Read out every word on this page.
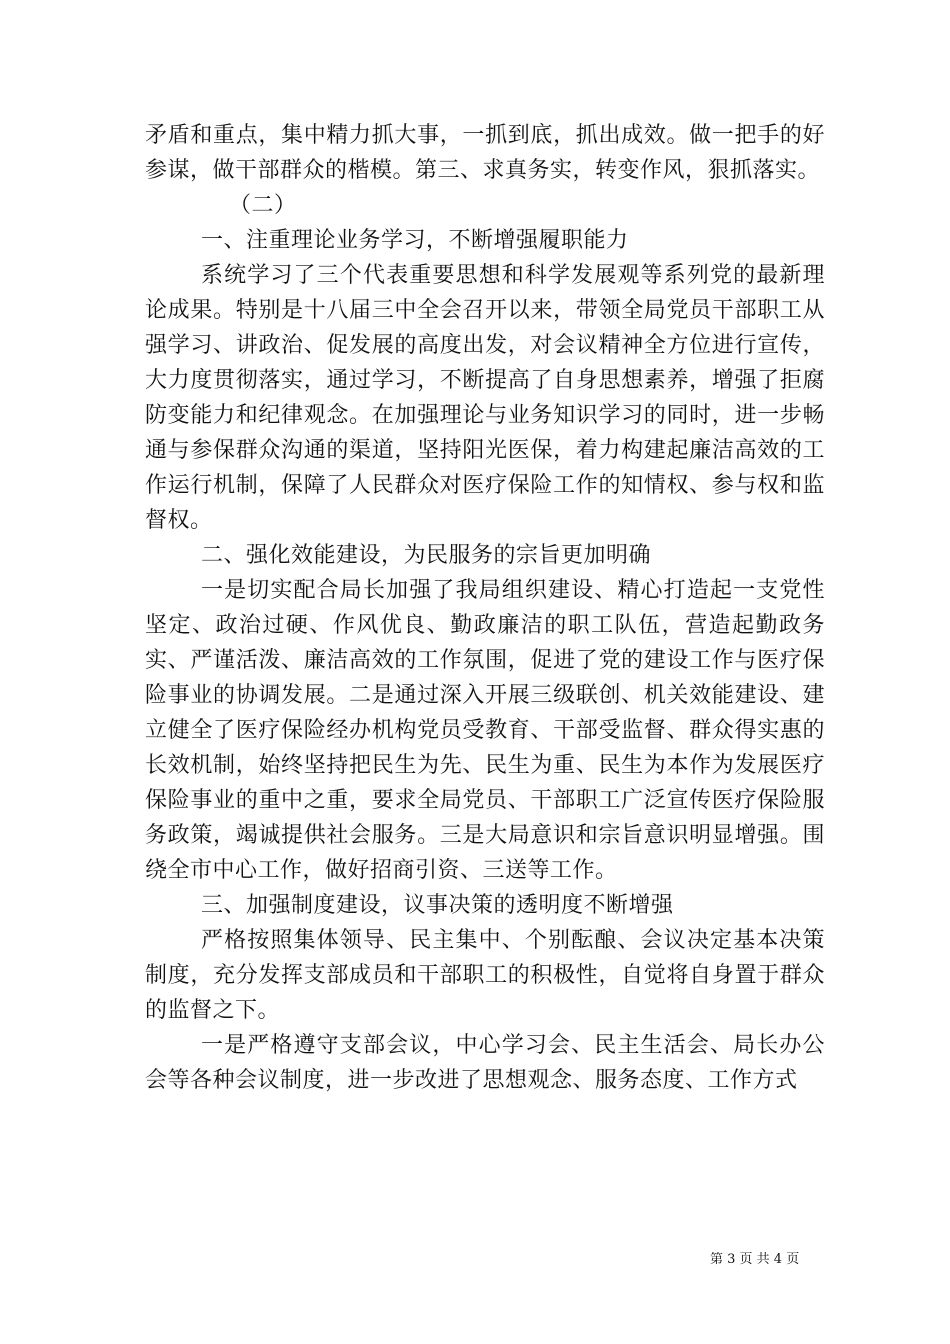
矛盾和重点，集中精力抓大事，一抓到底，抓出成效。做一把手的好参谋，做干部群众的楷模。第三、求真务实，转变作风，狠抓落实。

（二）

一、注重理论业务学习，不断增强履职能力

系统学习了三个代表重要思想和科学发展观等系列党的最新理论成果。特别是十八届三中全会召开以来，带领全局党员干部职工从强学习、讲政治、促发展的高度出发，对会议精神全方位进行宣传，大力度贯彻落实，通过学习，不断提高了自身思想素养，增强了拒腐防变能力和纪律观念。在加强理论与业务知识学习的同时，进一步畅通与参保群众沟通的渠道，坚持阳光医保，着力构建起廉洁高效的工作运行机制，保障了人民群众对医疗保险工作的知情权、参与权和监督权。

二、强化效能建设，为民服务的宗旨更加明确

一是切实配合局长加强了我局组织建设、精心打造起一支党性坚定、政治过硬、作风优良、勤政廉洁的职工队伍，营造起勤政务实、严谨活泼、廉洁高效的工作氛围，促进了党的建设工作与医疗保险事业的协调发展。二是通过深入开展三级联创、机关效能建设、建立健全了医疗保险经办机构党员受教育、干部受监督、群众得实惠的长效机制，始终坚持把民生为先、民生为重、民生为本作为发展医疗保险事业的重中之重，要求全局党员、干部职工广泛宣传医疗保险服务政策，竭诚提供社会服务。三是大局意识和宗旨意识明显增强。围绕全市中心工作，做好招商引资、三送等工作。

三、加强制度建设，议事决策的透明度不断增强

严格按照集体领导、民主集中、个别酝酿、会议决定基本决策制度，充分发挥支部成员和干部职工的积极性，自觉将自身置于群众的监督之下。

一是严格遵守支部会议，中心学习会、民主生活会、局长办公会等各种会议制度，进一步改进了思想观念、服务态度、工作方式

第 3 页 共 4 页
